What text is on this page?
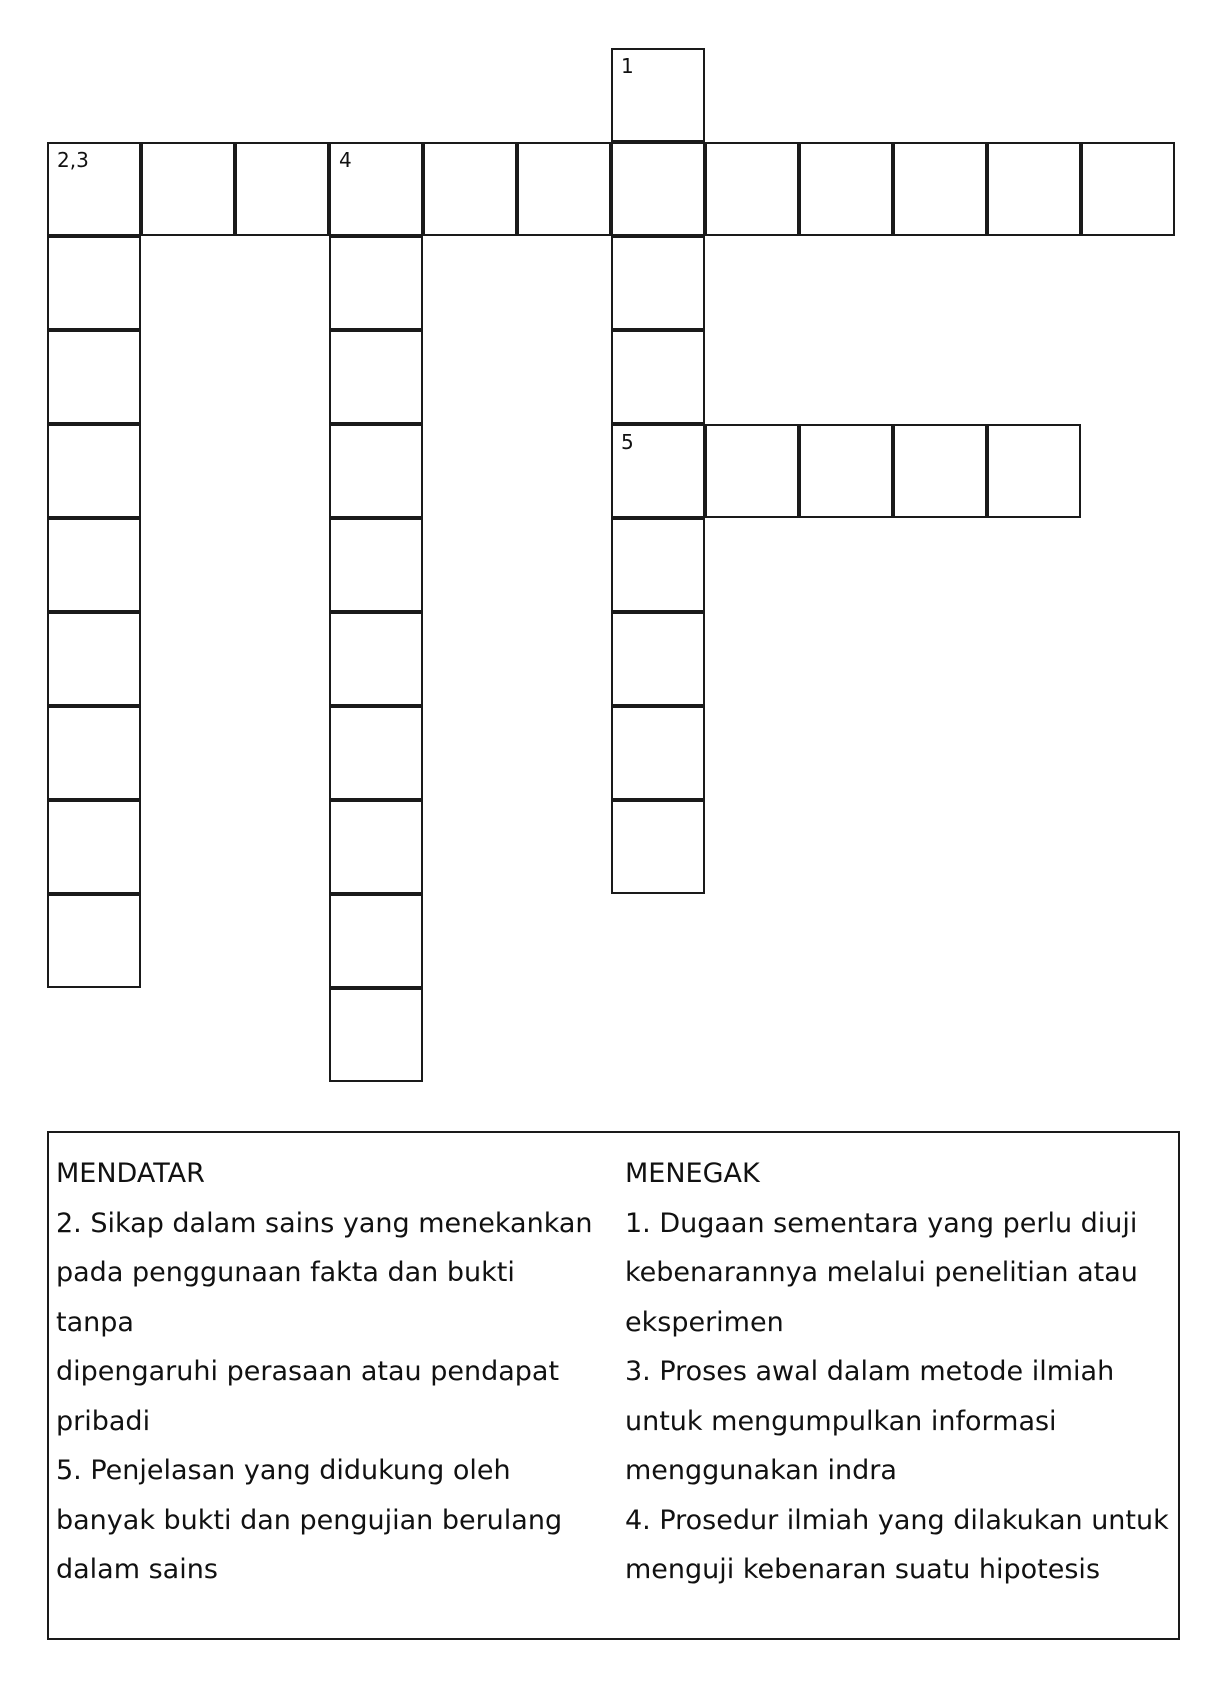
1
2,3	4
5
MENDATAR
2. Sikap dalam sains yang menekankan
pada penggunaan fakta dan bukti tanpa
dipengaruhi perasaan atau pendapat
pribadi
5. Penjelasan yang didukung oleh
banyak bukti dan pengujian berulang
dalam sains
MENEGAK
1. Dugaan sementara yang perlu diuji
kebenarannya melalui penelitian atau
eksperimen
3. Proses awal dalam metode ilmiah
untuk mengumpulkan informasi
menggunakan indra
4. Prosedur ilmiah yang dilakukan untuk
menguji kebenaran suatu hipotesis
